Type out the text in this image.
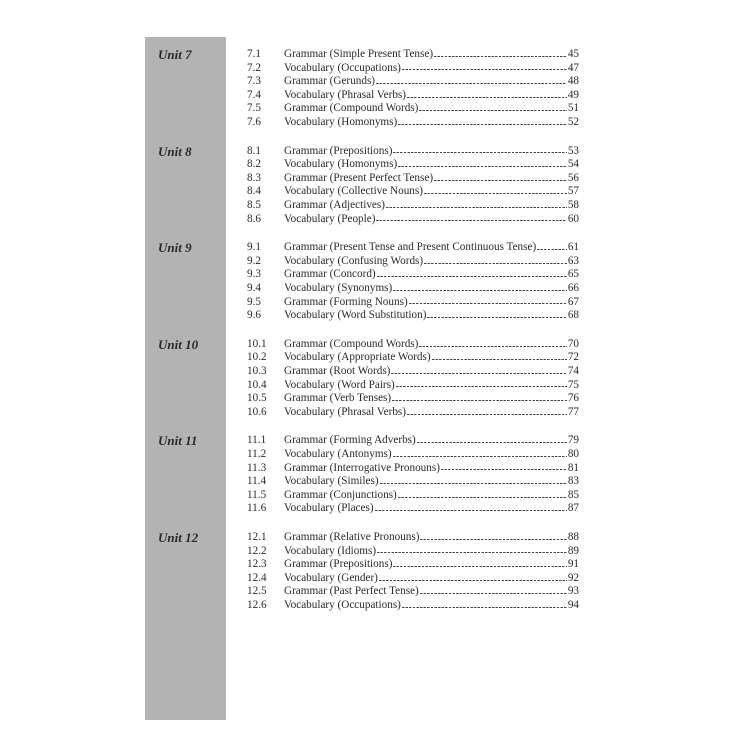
Unit 7	7.1	Grammar (Simple Present Tense)	45
7.2	Vocabulary (Occupations)	47
7.3	Grammar (Gerunds)	48
7.4	Vocabulary (Phrasal Verbs)	49
7.5	Grammar (Compound Words)	51
7.6	Vocabulary (Homonyms)	52
Unit 8	8.1	Grammar (Prepositions)	53
8.2	Vocabulary (Homonyms)	54
8.3	Grammar (Present Perfect Tense)	56
8.4	Vocabulary (Collective Nouns)	57
8.5	Grammar (Adjectives)	58
8.6	Vocabulary (People)	60
Unit 9	9.1	Grammar (Present Tense and Present Continuous Tense)	61
9.2	Vocabulary (Confusing Words)	63
9.3	Grammar (Concord)	65
9.4	Vocabulary (Synonyms)	66
9.5	Grammar (Forming Nouns)	67
9.6	Vocabulary (Word Substitution)	68
Unit 10	10.1	Grammar (Compound Words)	70
10.2	Vocabulary (Appropriate Words)	72
10.3	Grammar (Root Words)	74
10.4	Vocabulary (Word Pairs)	75
10.5	Grammar (Verb Tenses)	76
10.6	Vocabulary (Phrasal Verbs)	77
Unit 11	11.1	Grammar (Forming Adverbs)	79
11.2	Vocabulary (Antonyms)	80
11.3	Grammar (Interrogative Pronouns)	81
11.4	Vocabulary (Similes)	83
11.5	Grammar (Conjunctions)	85
11.6	Vocabulary (Places)	87
Unit 12	12.1	Grammar (Relative Pronouns)	88
12.2	Vocabulary (Idioms)	89
12.3	Grammar (Prepositions)	91
12.4	Vocabulary (Gender)	92
12.5	Grammar (Past Perfect Tense)	93
12.6	Vocabulary (Occupations)	94
